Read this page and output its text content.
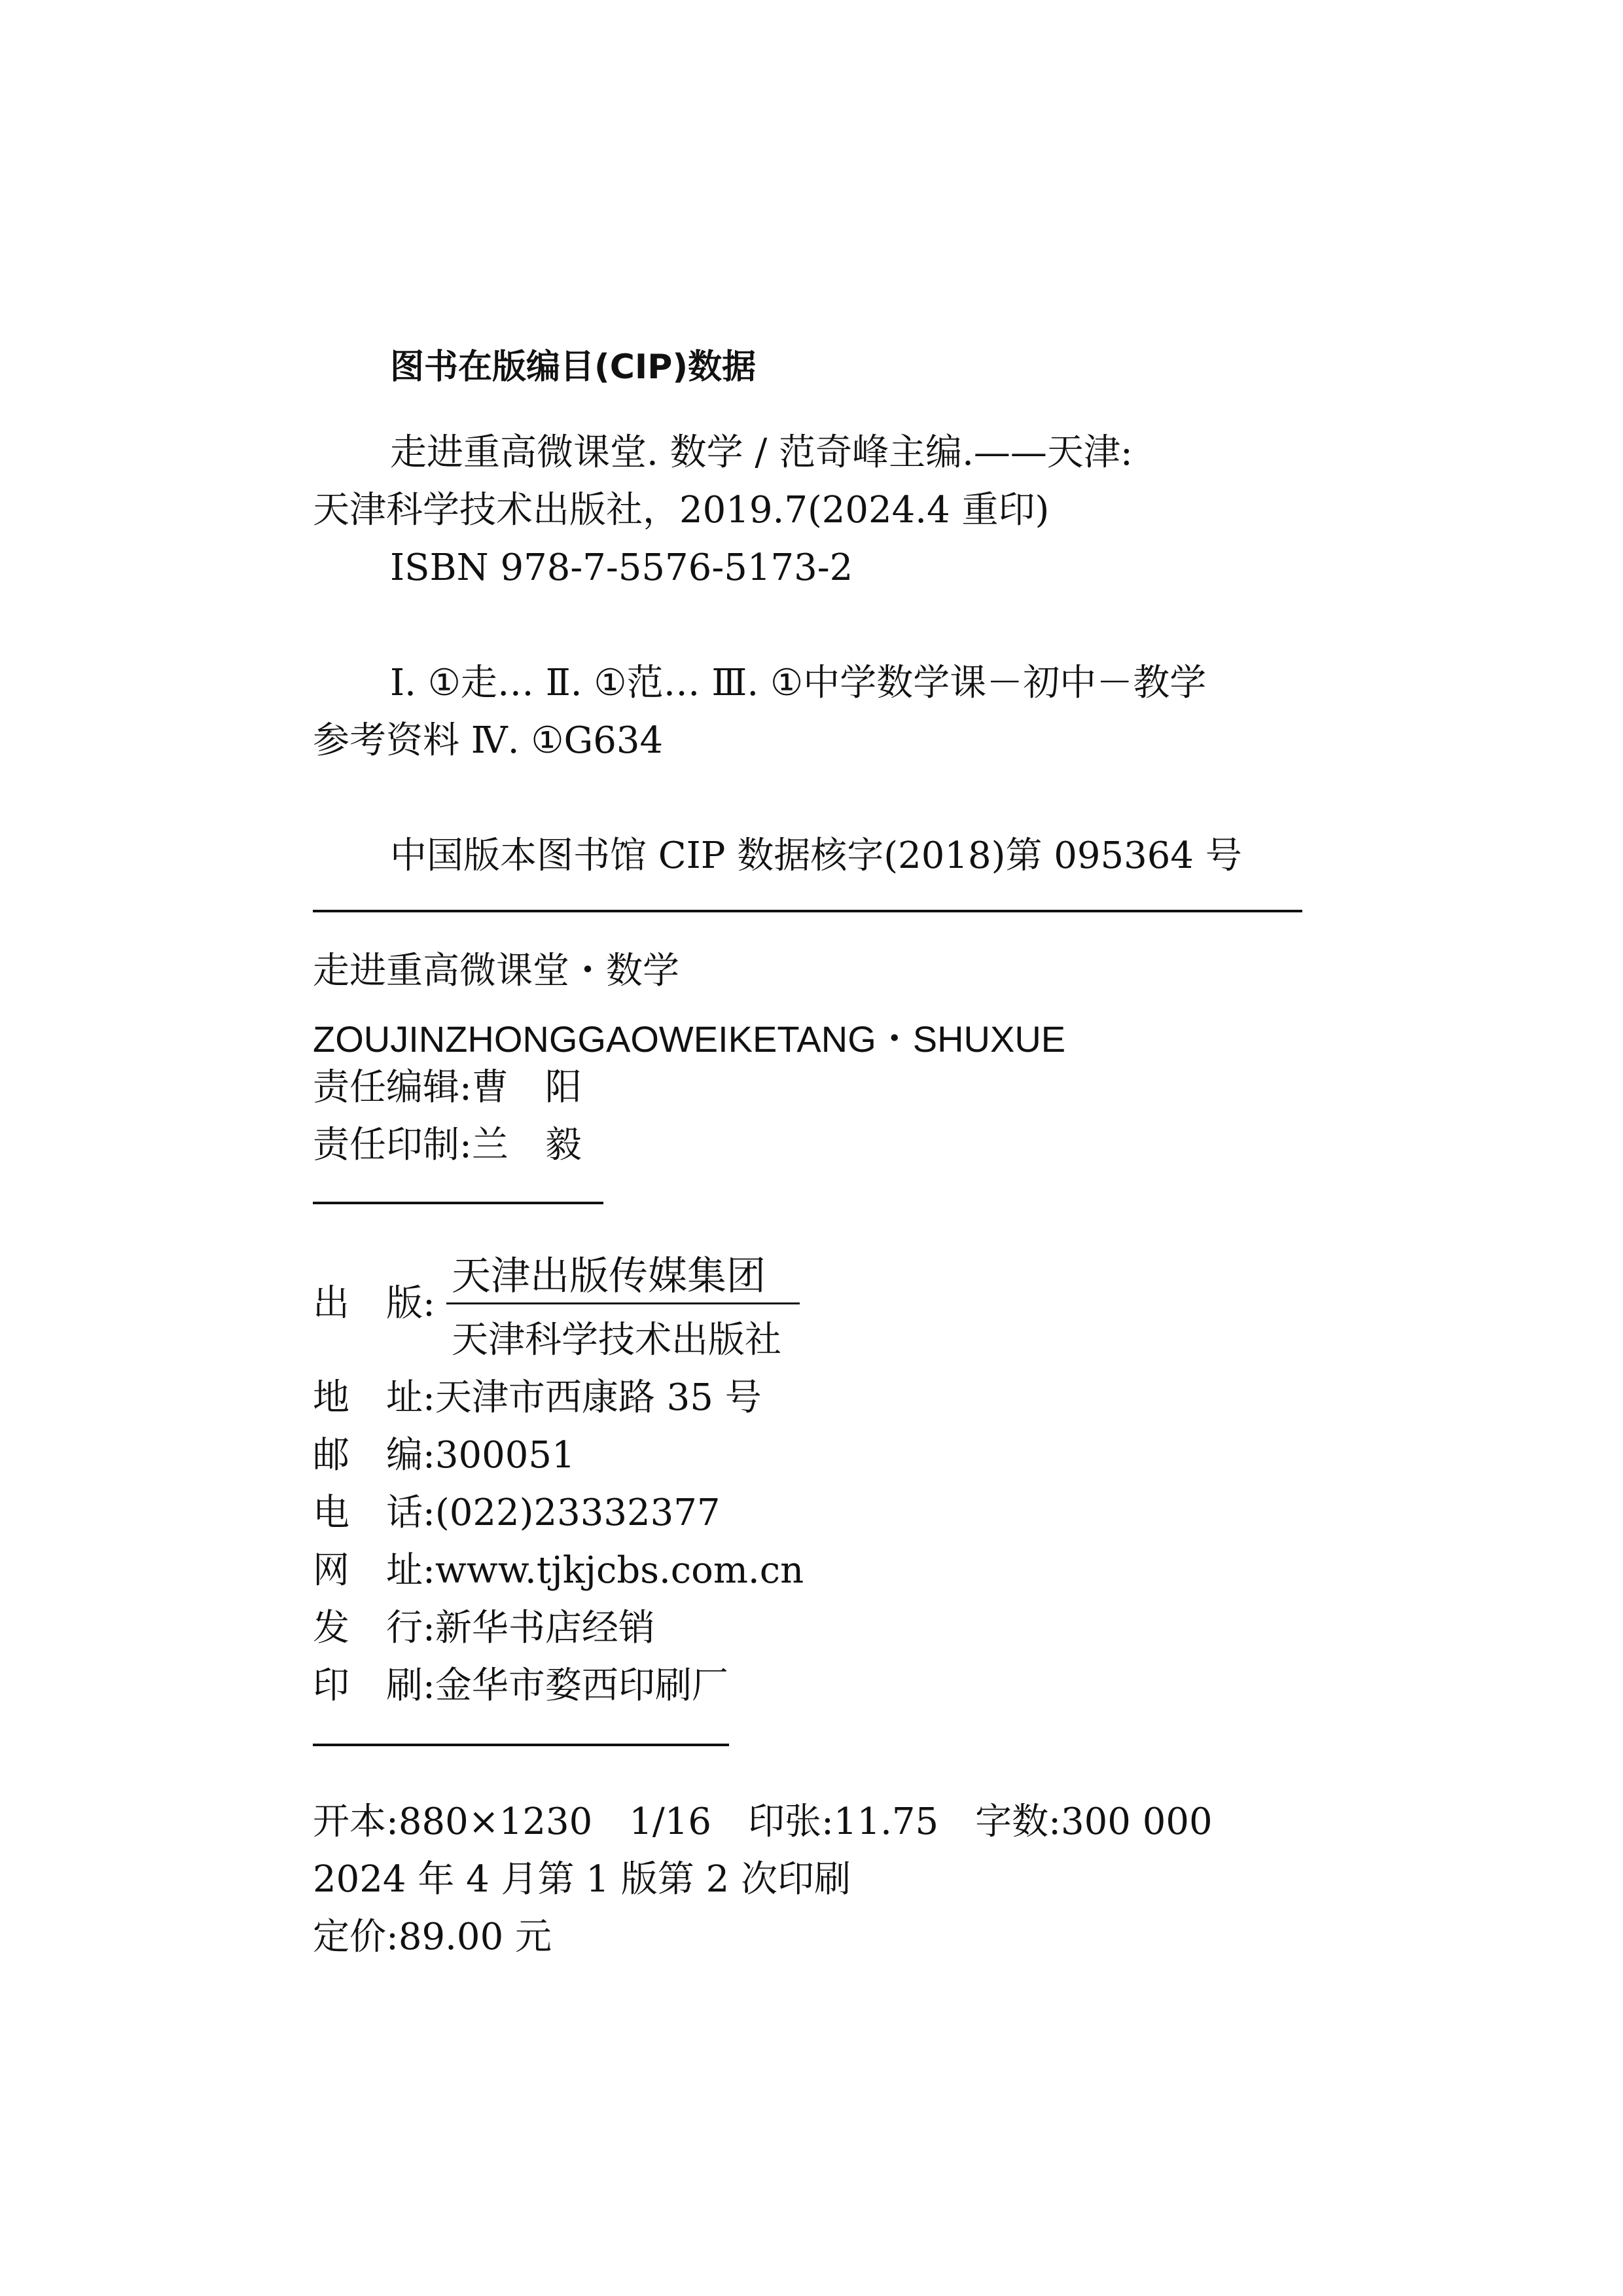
图书在版编目(CIP)数据
走进重高微课堂. 数学 / 范奇峰主编.——天津:
天津科学技术出版社，2019.7(2024.4 重印)
ISBN 978-7-5576-5173-2
Ⅰ. ①走… Ⅱ. ①范… Ⅲ. ①中学数学课－初中－教学
参考资料 Ⅳ. ①G634
中国版本图书馆 CIP 数据核字(2018)第 095364 号
走进重高微课堂・数学
ZOUJINZHONGGAOWEIKETANG・SHUXUE
责任编辑:曹　阳
责任印制:兰　毅
出　版:
天津出版传媒集团
天津科学技术出版社
地　址:天津市西康路 35 号
邮　编:300051
电　话:(022)23332377
网　址:www.tjkjcbs.com.cn
发　行:新华书店经销
印　刷:金华市婺西印刷厂
开本:880×1230 1/16 印张:11.75 字数:300 000
2024 年 4 月第 1 版第 2 次印刷
定价:89.00 元
